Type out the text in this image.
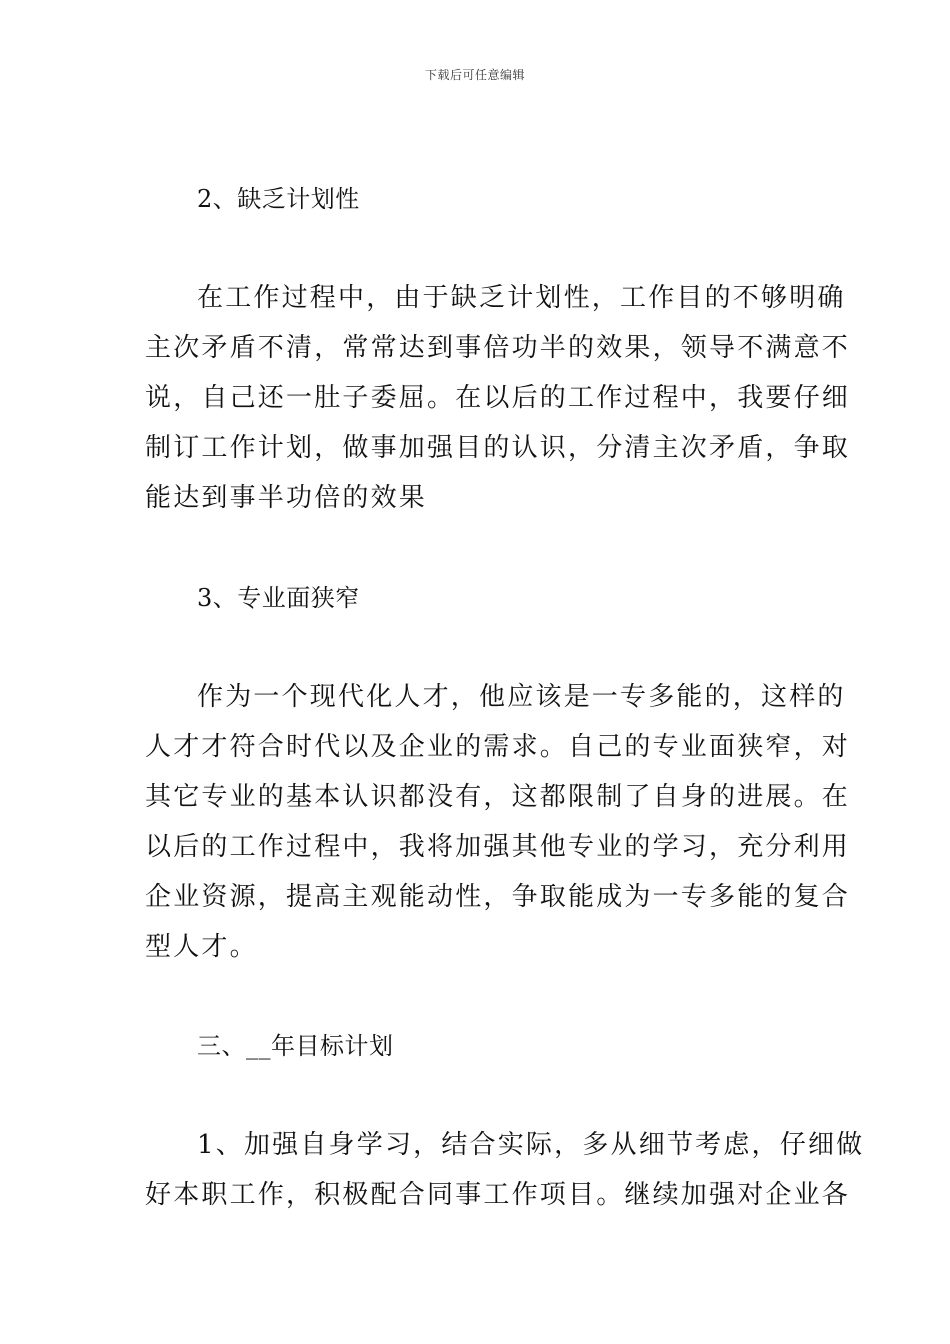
下载后可任意编辑
2、缺乏计划性
在工作过程中，由于缺乏计划性，工作目的不够明确
主次矛盾不清，常常达到事倍功半的效果，领导不满意不
说，自己还一肚子委屈。在以后的工作过程中，我要仔细
制订工作计划，做事加强目的认识，分清主次矛盾，争取
能达到事半功倍的效果
3、专业面狭窄
作为一个现代化人才，他应该是一专多能的，这样的
人才才符合时代以及企业的需求。自己的专业面狭窄，对
其它专业的基本认识都没有，这都限制了自身的进展。在
以后的工作过程中，我将加强其他专业的学习，充分利用
企业资源，提高主观能动性，争取能成为一专多能的复合
型人才。
三、__年目标计划
1、加强自身学习，结合实际，多从细节考虑，仔细做
好本职工作，积极配合同事工作项目。继续加强对企业各
